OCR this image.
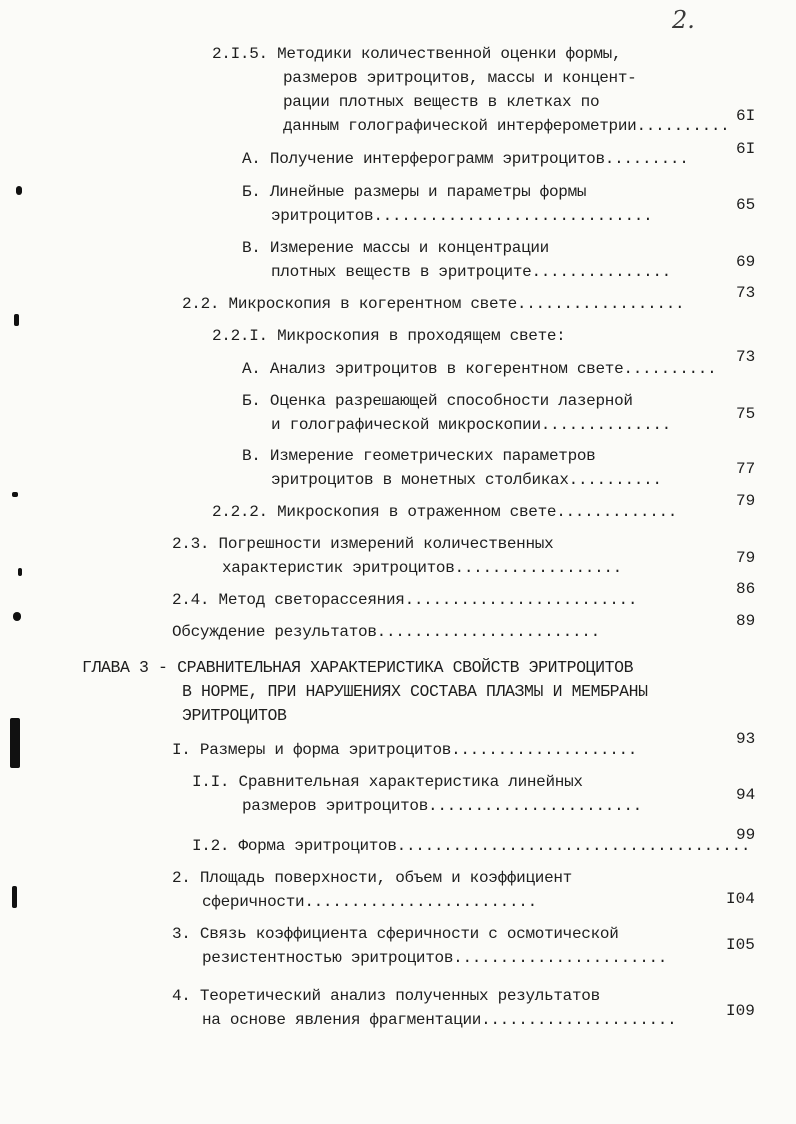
2.
2.I.5. Методики количественной оценки формы,
размеров эритроцитов, массы и концент-
рации плотных веществ в клетках по
данным голографической интерферометрии..........
6I
А. Получение интерферограмм эритроцитов.........
6I
Б. Линейные размеры и параметры формы
эритроцитов..............................
65
В. Измерение массы и концентрации
плотных веществ в эритроците...............
69
2.2. Микроскопия в когерентном свете..................
73
2.2.I. Микроскопия в проходящем свете:
А. Анализ эритроцитов в когерентном свете..........
73
Б. Оценка разрешающей способности лазерной
и голографической микроскопии..............
75
В. Измерение геометрических параметров
эритроцитов в монетных столбиках..........
77
2.2.2. Микроскопия в отраженном свете.............
79
2.3. Погрешности измерений количественных
характеристик эритроцитов..................
79
2.4. Метод светорассеяния.........................
86
Обсуждение результатов........................
89
ГЛАВА 3 - СРАВНИТЕЛЬНАЯ ХАРАКТЕРИСТИКА СВОЙСТВ ЭРИТРОЦИТОВ
В НОРМЕ, ПРИ НАРУШЕНИЯХ СОСТАВА ПЛАЗМЫ И МЕМБРАНЫ
ЭРИТРОЦИТОВ
I. Размеры и форма эритроцитов....................
93
I.I. Сравнительная характеристика линейных
размеров эритроцитов.......................
94
I.2. Форма эритроцитов......................................
99
2. Площадь поверхности, объем и коэффициент
сферичности.........................	I04
3. Связь коэффициента сферичности с осмотической
резистентностью эритроцитов.......................
I05
4. Теоретический анализ полученных результатов
на основе явления фрагментации.....................	I09
